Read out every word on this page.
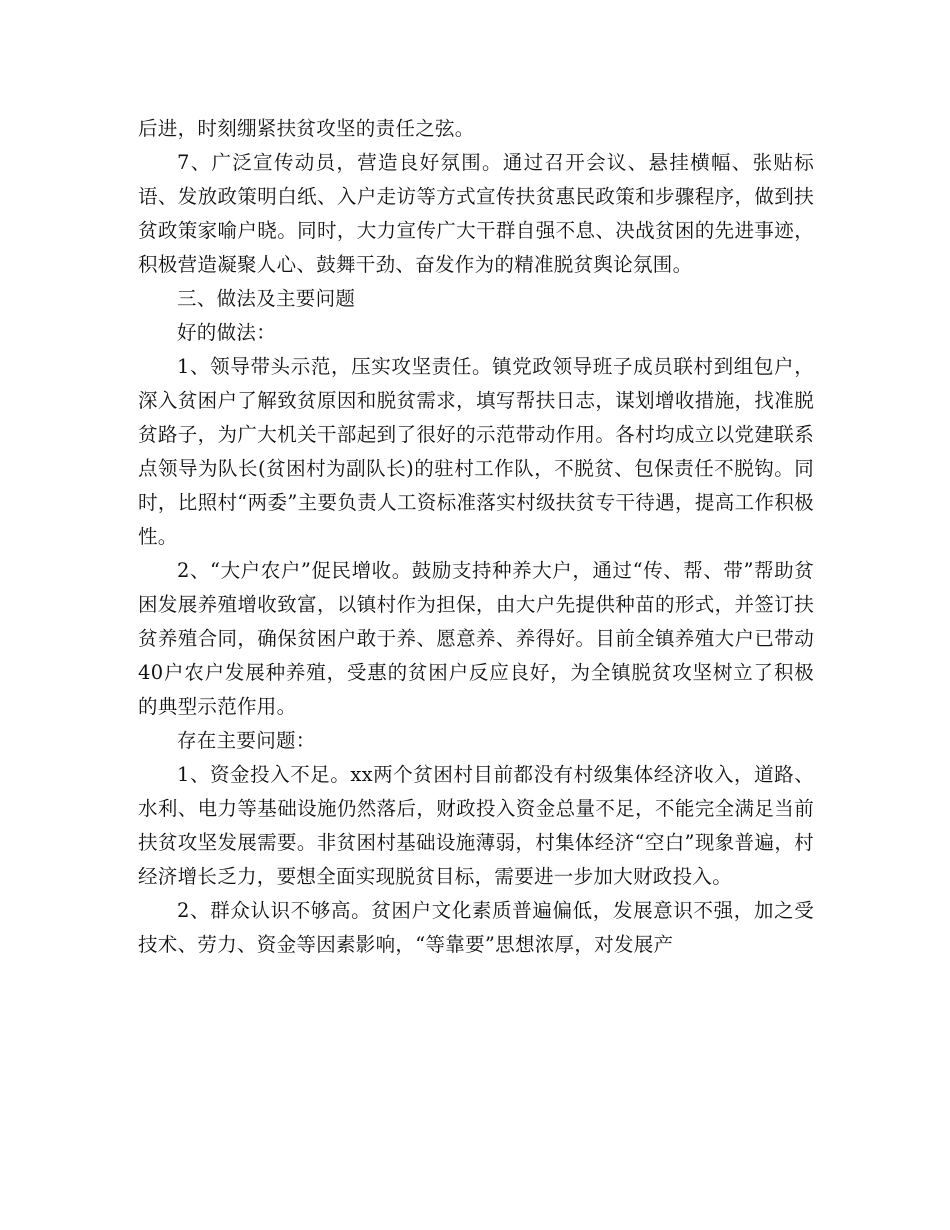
后进，时刻绷紧扶贫攻坚的责任之弦。

7、广泛宣传动员，营造良好氛围。通过召开会议、悬挂横幅、张贴标语、发放政策明白纸、入户走访等方式宣传扶贫惠民政策和步骤程序，做到扶贫政策家喻户晓。同时，大力宣传广大干群自强不息、决战贫困的先进事迹，积极营造凝聚人心、鼓舞干劲、奋发作为的精准脱贫舆论氛围。

三、做法及主要问题

好的做法：

1、领导带头示范，压实攻坚责任。镇党政领导班子成员联村到组包户，深入贫困户了解致贫原因和脱贫需求，填写帮扶日志，谋划增收措施，找准脱贫路子，为广大机关干部起到了很好的示范带动作用。各村均成立以党建联系点领导为队长(贫困村为副队长)的驻村工作队，不脱贫、包保责任不脱钩。同时，比照村“两委”主要负责人工资标准落实村级扶贫专干待遇，提高工作积极性。

2、“大户农户”促民增收。鼓励支持种养大户，通过“传、帮、带”帮助贫困发展养殖增收致富，以镇村作为担保，由大户先提供种苗的形式，并签订扶贫养殖合同，确保贫困户敢于养、愿意养、养得好。目前全镇养殖大户已带动40户农户发展种养殖，受惠的贫困户反应良好，为全镇脱贫攻坚树立了积极的典型示范作用。

存在主要问题：

1、资金投入不足。xx两个贫困村目前都没有村级集体经济收入，道路、水利、电力等基础设施仍然落后，财政投入资金总量不足，不能完全满足当前扶贫攻坚发展需要。非贫困村基础设施薄弱，村集体经济“空白”现象普遍，村经济增长乏力，要想全面实现脱贫目标，需要进一步加大财政投入。

2、群众认识不够高。贫困户文化素质普遍偏低，发展意识不强，加之受技术、劳力、资金等因素影响，“等靠要”思想浓厚，对发展产
